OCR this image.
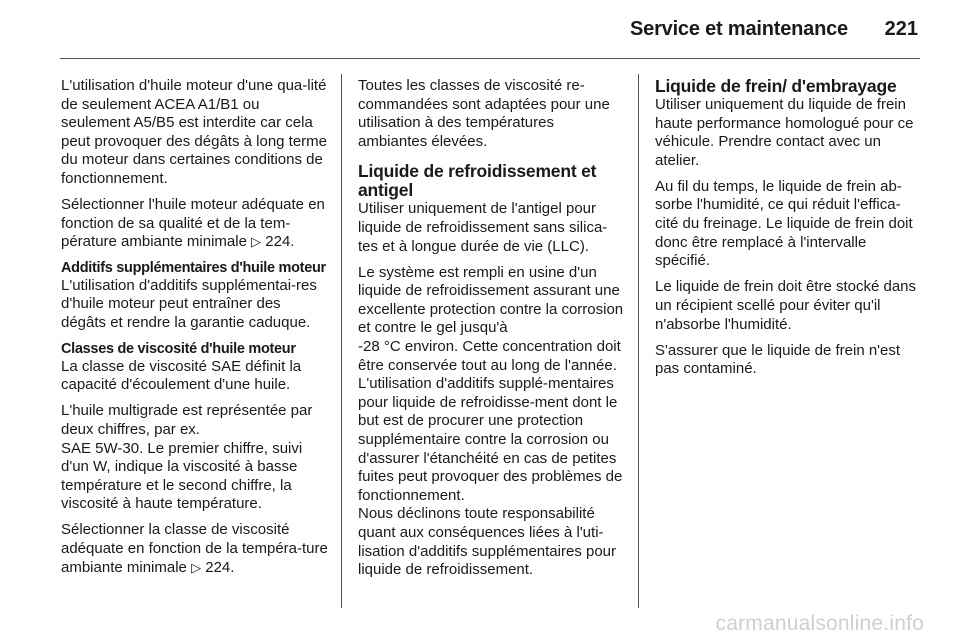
Service et maintenance 221

L'utilisation d'huile moteur d'une qua-lité de seulement ACEA A1/B1 ou seulement A5/B5 est interdite car cela peut provoquer des dégâts à long terme du moteur dans certaines conditions de fonctionnement.

Sélectionner l'huile moteur adéquate en fonction de sa qualité et de la tem-pérature ambiante minimale ▷ 224.

Additifs supplémentaires d'huile moteur

L'utilisation d'additifs supplémentai-res d'huile moteur peut entraîner des dégâts et rendre la garantie caduque.

Classes de viscosité d'huile moteur

La classe de viscosité SAE définit la capacité d'écoulement d'une huile.

L'huile multigrade est représentée par deux chiffres, par ex.
SAE 5W-30. Le premier chiffre, suivi d'un W, indique la viscosité à basse température et le second chiffre, la viscosité à haute température.

Sélectionner la classe de viscosité adéquate en fonction de la tempéra-ture ambiante minimale ▷ 224.

Toutes les classes de viscosité re-commandées sont adaptées pour une utilisation à des températures ambiantes élevées.

Liquide de refroidissement et antigel

Utiliser uniquement de l'antigel pour liquide de refroidissement sans silica-tes et à longue durée de vie (LLC).

Le système est rempli en usine d'un liquide de refroidissement assurant une excellente protection contre la corrosion et contre le gel jusqu'à
-28 °C environ. Cette concentration doit être conservée tout au long de l'année. L'utilisation d'additifs supplé-mentaires pour liquide de refroidisse-ment dont le but est de procurer une protection supplémentaire contre la corrosion ou d'assurer l'étanchéité en cas de petites fuites peut provoquer des problèmes de fonctionnement.
Nous déclinons toute responsabilité quant aux conséquences liées à l'uti-lisation d'additifs supplémentaires pour liquide de refroidissement.

Liquide de frein/ d'embrayage

Utiliser uniquement du liquide de frein haute performance homologué pour ce véhicule. Prendre contact avec un atelier.

Au fil du temps, le liquide de frein ab-sorbe l'humidité, ce qui réduit l'effica-cité du freinage. Le liquide de frein doit donc être remplacé à l'intervalle spécifié.

Le liquide de frein doit être stocké dans un récipient scellé pour éviter qu'il n'absorbe l'humidité.

S'assurer que le liquide de frein n'est pas contaminé.

carmanualsonline.info
